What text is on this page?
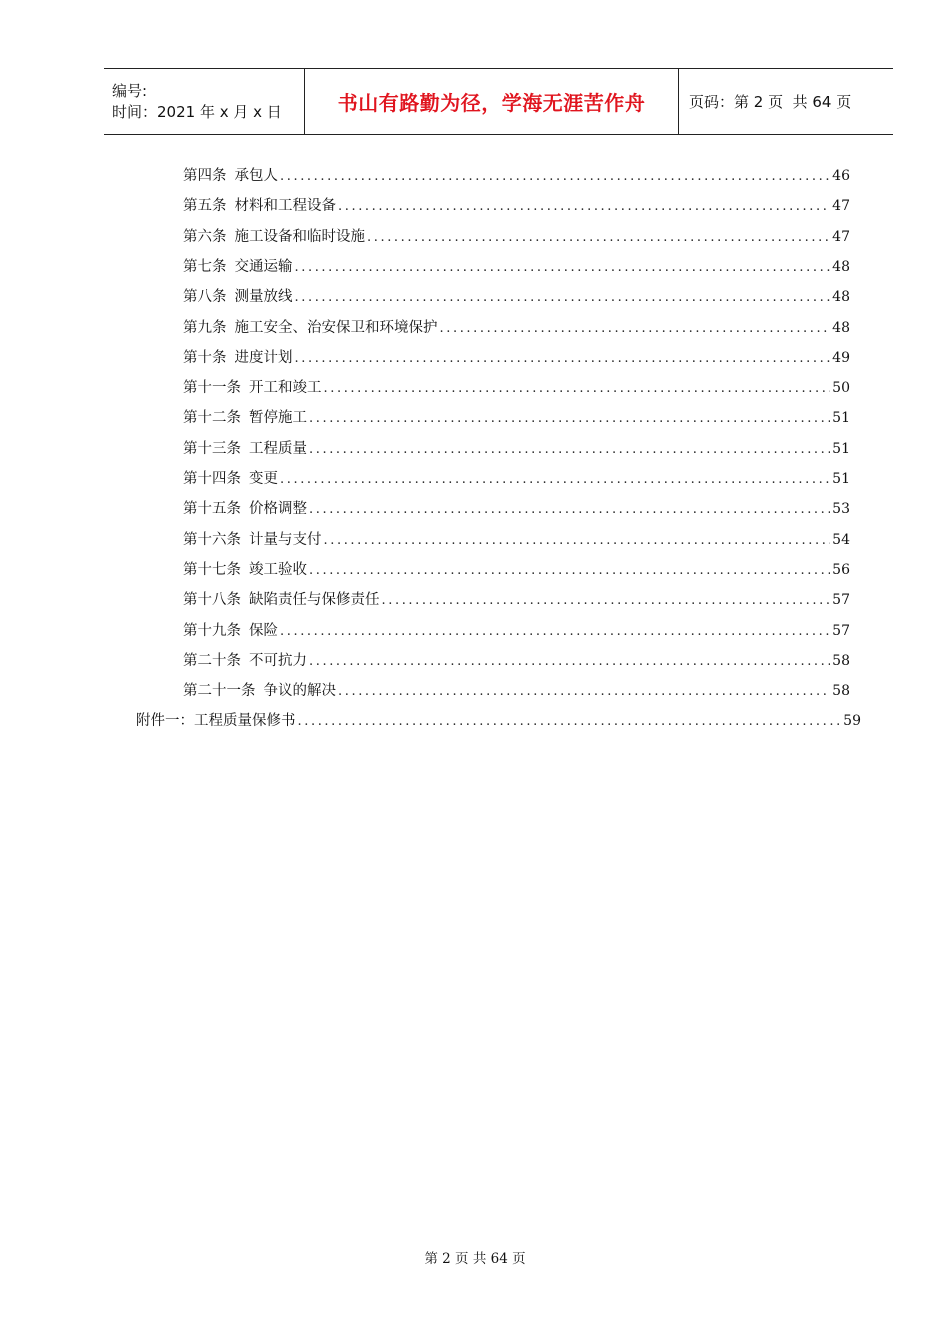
编号:
时间：2021 年 x 月 x 日	书山有路勤为径，学海无涯苦作舟	页码：第 2 页  共 64 页
第四条 承包人 .....	46
第五条 材料和工程设备 .....	47
第六条 施工设备和临时设施 .....	47
第七条 交通运输 .....	48
第八条 测量放线 .....	48
第九条 施工安全、治安保卫和环境保护 .....	48
第十条 进度计划 .....	49
第十一条 开工和竣工 .....	50
第十二条 暂停施工 .....	51
第十三条 工程质量 .....	51
第十四条 变更 .....	51
第十五条 价格调整 .....	53
第十六条 计量与支付 .....	54
第十七条 竣工验收 .....	56
第十八条 缺陷责任与保修责任 .....	57
第十九条 保险 .....	57
第二十条 不可抗力 .....	58
第二十一条 争议的解决 .....	58
附件一：工程质量保修书 .....	59
第 2 页 共 64 页
